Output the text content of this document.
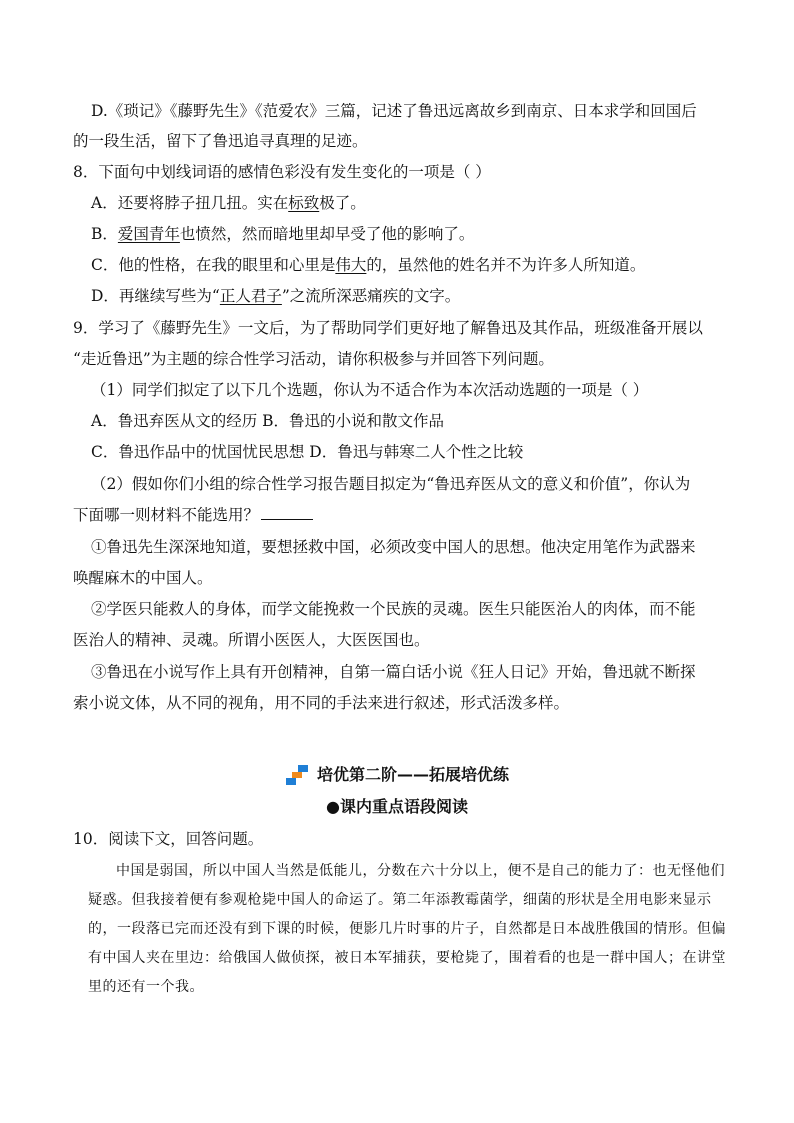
D.《琐记》《藤野先生》《范爱农》三篇，记述了鲁迅远离故乡到南京、日本求学和回国后
的一段生活，留下了鲁迅追寻真理的足迹。
8．下面句中划线词语的感情色彩没有发生变化的一项是（ ）
A．还要将脖子扭几扭。实在标致极了。
B．爱国青年也愤然，然而暗地里却早受了他的影响了。
C．他的性格，在我的眼里和心里是伟大的，虽然他的姓名并不为许多人所知道。
D．再继续写些为“正人君子”之流所深恶痛疾的文字。
9．学习了《藤野先生》一文后，为了帮助同学们更好地了解鲁迅及其作品，班级准备开展以
“走近鲁迅”为主题的综合性学习活动，请你积极参与并回答下列问题。
（1）同学们拟定了以下几个选题，你认为不适合作为本次活动选题的一项是（ ）
A．鲁迅弃医从文的经历 B．鲁迅的小说和散文作品
C．鲁迅作品中的忧国忧民思想 D．鲁迅与韩寒二人个性之比较
（2）假如你们小组的综合性学习报告题目拟定为“鲁迅弃医从文的意义和价值”，你认为
下面哪一则材料不能选用？
①鲁迅先生深深地知道，要想拯救中国，必须改变中国人的思想。他决定用笔作为武器来
唤醒麻木的中国人。
②学医只能救人的身体，而学文能挽救一个民族的灵魂。医生只能医治人的肉体，而不能
医治人的精神、灵魂。所谓小医医人，大医医国也。
③鲁迅在小说写作上具有开创精神，自第一篇白话小说《狂人日记》开始，鲁迅就不断探
索小说文体，从不同的视角，用不同的手法来进行叙述，形式活泼多样。
培优第二阶——拓展培优练
●课内重点语段阅读
10．阅读下文，回答问题。

中国是弱国，所以中国人当然是低能儿，分数在六十分以上，便不是自己的能力了：也无怪他们疑惑。但我接着便有参观枪毙中国人的命运了。第二年添教霉菌学，细菌的形状是全用电影来显示的，一段落已完而还没有到下课的时候，便影几片时事的片子，自然都是日本战胜俄国的情形。但偏有中国人夹在里边：给俄国人做侦探，被日本军捕获，要枪毙了，围着看的也是一群中国人；在讲堂里的还有一个我。
